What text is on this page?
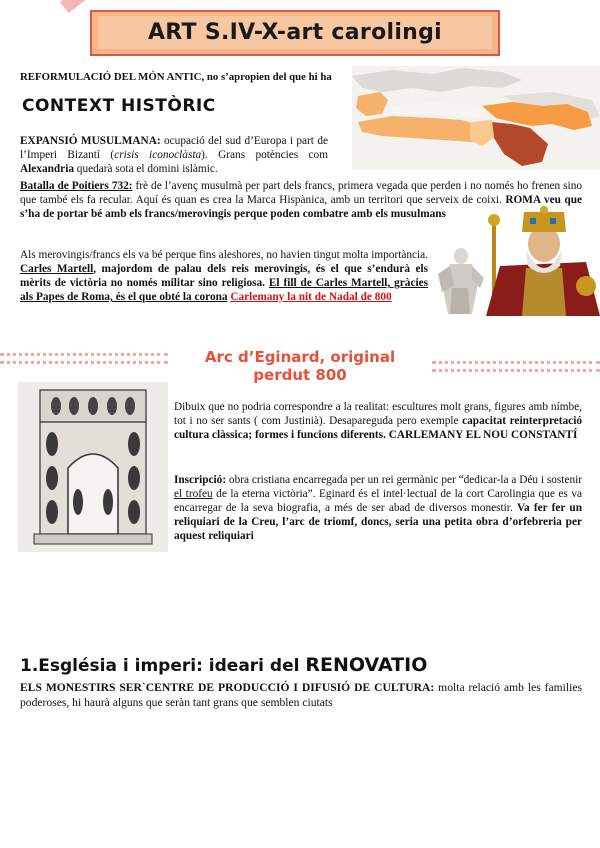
ART S.IV-X-art carolingi
REFORMULACIÓ DEL MÓN ANTIC, no s’apropien del que hi ha
CONTEXT HISTÒRIC
EXPANSIÓ MUSULMANA: ocupació del sud d’Europa i part de l’Imperi Bizantí (crisis iconoclàsta). Grans potències com Alexandria quedarà sota el domini islàmic.
Batalla de Poitiers 732: frè de l’avenç musulmà per part dels francs, primera vegada que perden i no només ho frenen sino que també els fa recular. Aquí és quan es crea la Marca Hispànica, amb un territori que serveix de coixi. ROMA veu que s’ha de portar bé amb els francs/merovingis perque poden combatre amb els musulmans
Als merovingis/francs els va bé perque fins aleshores, no havien tingut molta importància. Carles Martell, majordom de palau dels reis merovingis, és el que s’endurà els mèrits de victòria no només militar sino religiosa. El fill de Carles Martell, gràcies als Papes de Roma, és el que obté la corona Carlemany la nit de Nadal de 800
Arc d’Eginard, original
perdut 800
Dibuix que no podria correspondre a la realitat: escultures molt grans, figures amb nímbe, tot i no ser sants ( com Justinià). Desapareguda pero exemple capacitat reinterpretació cultura clàssica; formes i funcions diferents. CARLEMANY EL NOU CONSTANTÍ
Inscripció: obra cristiana encarregada per un rei germànic per “dedicar-la a Déu i sostenir el trofeu de la eterna victòria”. Eginard és el intel·lectual de la cort Carolingia que es va encarregar de la seva biografia, a més de ser abad de diversos monestir. Va fer fer un reliquiari de la Creu, l’arc de triomf, doncs, seria una petita obra d’orfebreria per aquest reliquiari
1.Església i imperi: ideari del RENOVATIO
ELS MONESTIRS SER`CENTRE DE PRODUCCIÓ I DIFUSIÓ DE CULTURA: molta relació amb les families poderoses, hi haurà alguns que seràn tant grans que semblen ciutats
